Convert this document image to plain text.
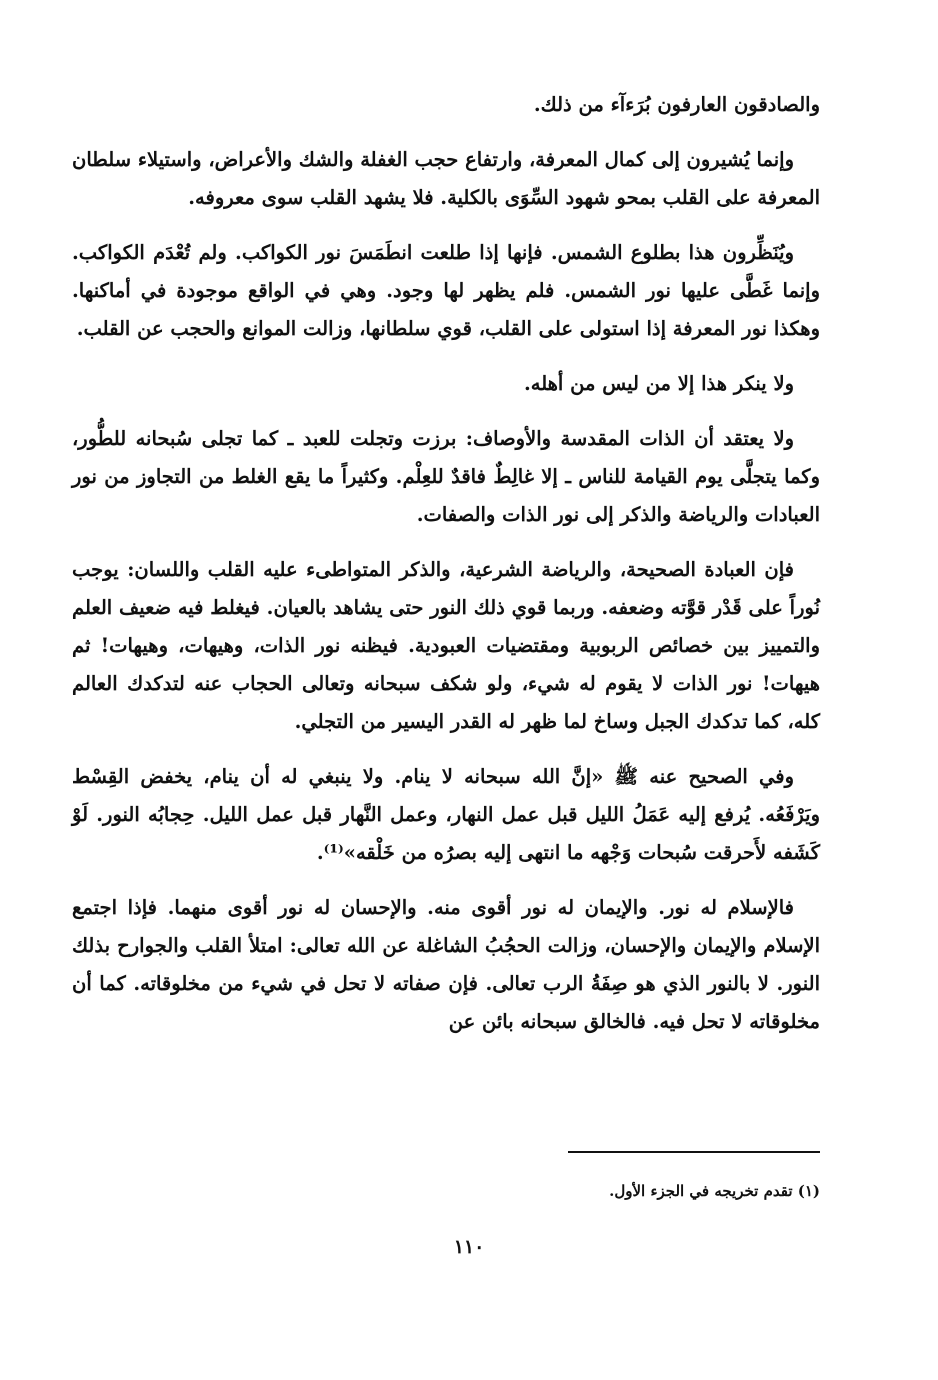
والصادقون العارفون بُرَءآء من ذلك.

وإنما يُشيرون إلى كمال المعرفة، وارتفاع حجب الغفلة والشك والأعراض، واستيلاء سلطان المعرفة على القلب بمحو شهود السِّوَى بالكلية. فلا يشهد القلب سوى معروفه.

ويُنَظِّرون هذا بطلوع الشمس. فإنها إذا طلعت انطَمَسَ نور الكواكب. ولم تُعْدَم الكواكب. وإنما غَطَّى عليها نور الشمس. فلم يظهر لها وجود. وهي في الواقع موجودة في أماكنها. وهكذا نور المعرفة إذا استولى على القلب، قوي سلطانها، وزالت الموانع والحجب عن القلب.

ولا ينكر هذا إلا من ليس من أهله.

ولا يعتقد أن الذات المقدسة والأوصاف: برزت وتجلت للعبد ـ كما تجلى سُبحانه للطُّور، وكما يتجلَّى يوم القيامة للناس ـ إلا غالِطٌ فاقدٌ للعِلْم. وكثيراً ما يقع الغلط من التجاوز من نور العبادات والرياضة والذكر إلى نور الذات والصفات.

فإن العبادة الصحيحة، والرياضة الشرعية، والذكر المتواطىء عليه القلب واللسان: يوجب نُوراً على قَدْر قوَّته وضعفه. وربما قوي ذلك النور حتى يشاهد بالعيان. فيغلط فيه ضعيف العلم والتمييز بين خصائص الربوبية ومقتضيات العبودية. فيظنه نور الذات، وهيهات، وهيهات! ثم هيهات! نور الذات لا يقوم له شيء، ولو شكف سبحانه وتعالى الحجاب عنه لتدكدك العالم كله، كما تدكدك الجبل وساخ لما ظهر له القدر اليسير من التجلي.

وفي الصحيح عنه ﷺ «إنَّ الله سبحانه لا ينام. ولا ينبغي له أن ينام، يخفض القِسْط ويَرْفَعُه. يُرفع إليه عَمَلُ الليل قبل عمل النهار، وعمل النَّهار قبل عمل الليل. حِجابُه النور. لَوْ كَشَفه لأَحرقت سُبحات وَجْهه ما انتهى إليه بصرُه من خَلْقه»⁽¹⁾.

فالإسلام له نور. والإيمان له نور أقوى منه. والإحسان له نور أقوى منهما. فإذا اجتمع الإسلام والإيمان والإحسان، وزالت الحجُبُ الشاغلة عن الله تعالى: امتلأ القلب والجوارح بذلك النور. لا بالنور الذي هو صِفَةُ الرب تعالى. فإن صفاته لا تحل في شيء من مخلوقاته. كما أن مخلوقاته لا تحل فيه. فالخالق سبحانه بائن عن

(١) تقدم تخريجه في الجزء الأول.
١١٠
